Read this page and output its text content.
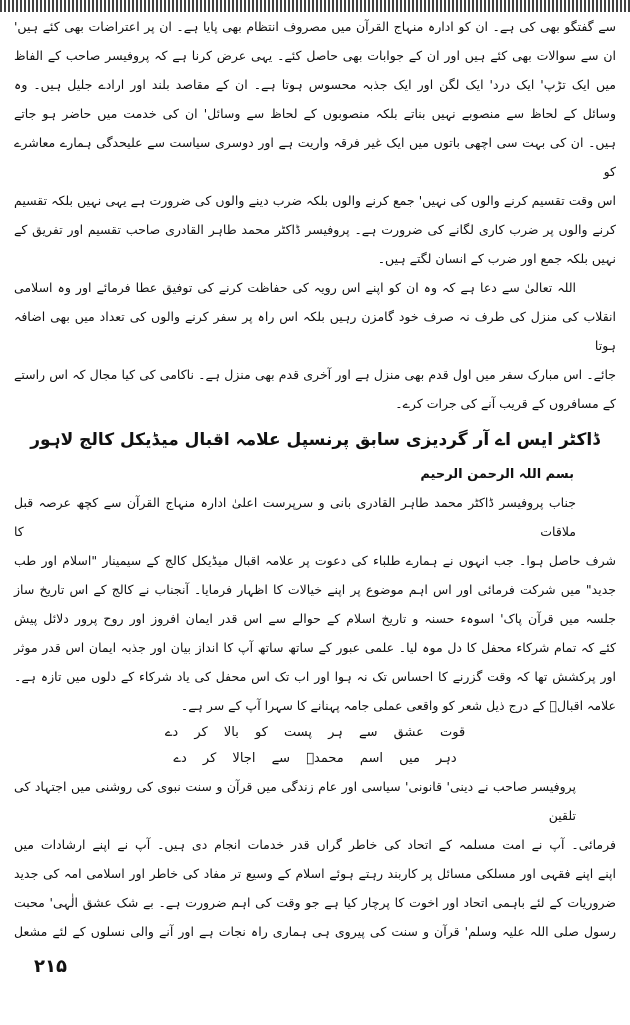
سے گفتگو بھی کی ہے۔ ان کو ادارہ منہاج القرآن میں مصروف انتظام بھی پایا ہے۔ ان پر اعتراضات بھی کئے ہیں'
ان سے سوالات بھی کئے ہیں اور ان کے جوابات بھی حاصل کئے۔ یہی عرض کرنا ہے کہ پروفیسر صاحب کے الفاظ
میں ایک تڑپ' ایک درد' ایک لگن اور ایک جذبہ محسوس ہوتا ہے۔ ان کے مقاصد بلند اور ارادے جلیل ہیں۔ وہ
وسائل کے لحاظ سے منصوبے نہیں بناتے بلکہ منصوبوں کے لحاظ سے وسائل' ان کی خدمت میں حاضر ہو جاتے
ہیں۔ ان کی بہت سی اچھی باتوں میں ایک غیر فرقہ واریت ہے اور دوسری سیاست سے علیحدگی ہمارے معاشرے کو
اس وقت تقسیم کرنے والوں کی نہیں' جمع کرنے والوں بلکہ ضرب دینے والوں کی ضرورت ہے یہی نہیں بلکہ تقسیم
کرنے والوں پر ضرب کاری لگانے کی ضرورت ہے۔ پروفیسر ڈاکٹر محمد طاہر القادری صاحب تقسیم اور تفریق کے
نہیں بلکہ جمع اور ضرب کے انسان لگتے ہیں۔
اللہ تعالیٰ سے دعا ہے کہ وہ ان کو اپنے اس رویہ کی حفاظت کرنے کی توفیق عطا فرمائے اور وہ اسلامی
انقلاب کی منزل کی طرف نہ صرف خود گامزن رہیں بلکہ اس راہ پر سفر کرنے والوں کی تعداد میں بھی اضافہ ہوتا
جائے۔ اس مبارک سفر میں اول قدم بھی منزل ہے اور آخری قدم بھی منزل ہے۔ ناکامی کی کیا مجال کہ اس راستے
کے مسافروں کے قریب آنے کی جرات کرے۔
ڈاکٹر ایس اے آر گردیزی سابق پرنسپل علامہ اقبال میڈیکل کالج لاہور
بسم اللہ الرحمن الرحیم
جناب پروفیسر ڈاکٹر محمد طاہر القادری بانی و سرپرست اعلیٰ ادارہ منہاج القرآن سے کچھ عرصہ قبل ملاقات کا
شرف حاصل ہوا۔ جب انہوں نے ہمارے طلباء کی دعوت پر علامہ اقبال میڈیکل کالج کے سیمینار "اسلام اور طب
جدید" میں شرکت فرمائی اور اس اہم موضوع پر اپنے خیالات کا اظہار فرمایا۔ آنجناب نے کالج کے اس تاریخ ساز
جلسہ میں قرآن پاک' اسوہء حسنہ و تاریخ اسلام کے حوالے سے اس قدر ایمان افروز اور روح پرور دلائل پیش
کئے کہ تمام شرکاء محفل کا دل موہ لیا۔ علمی عبور کے ساتھ ساتھ آپ کا انداز بیان اور جذبہ ایمان اس قدر موثر
اور پرکشش تھا کہ وقت گزرنے کا احساس تک نہ ہوا اور اب تک اس محفل کی یاد شرکاء کے دلوں میں تازہ ہے۔
علامہ اقبالؒ کے درج ذیل شعر کو واقعی عملی جامہ پہنانے کا سہرا آپ کے سر ہے۔
قوت عشق سے ہر پست کو بالا کر دے
دہر میں اسم محمدؐ سے اجالا کر دے
پروفیسر صاحب نے دینی' قانونی' سیاسی اور عام زندگی میں قرآن و سنت نبوی کی روشنی میں اجتہاد کی تلقین
فرمائی۔ آپ نے امت مسلمہ کے اتحاد کی خاطر گراں قدر خدمات انجام دی ہیں۔ آپ نے اپنے ارشادات میں
اپنے اپنے فقہی اور مسلکی مسائل پر کاربند رہتے ہوئے اسلام کے وسیع تر مفاد کی خاطر اور اسلامی امہ کی جدید
ضروریات کے لئے باہمی اتحاد اور اخوت کا پرچار کیا ہے جو وقت کی اہم ضرورت ہے۔ بے شک عشق الٰہی' محبت
رسول صلی اللہ علیہ وسلم' قرآن و سنت کی پیروی ہی ہماری راہ نجات ہے اور آنے والی نسلوں کے لئے مشعل
۲۱۵
